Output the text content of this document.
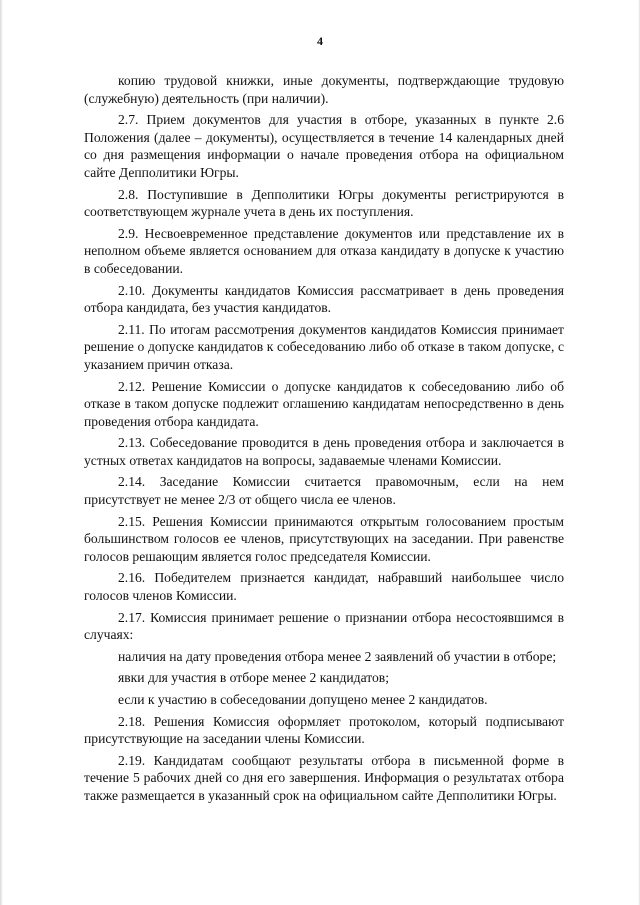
4

копию трудовой книжки, иные документы, подтверждающие трудовую (служебную) деятельность (при наличии).

2.7. Прием документов для участия в отборе, указанных в пункте 2.6 Положения (далее – документы), осуществляется в течение 14 календарных дней со дня размещения информации о начале проведения отбора на официальном сайте Депполитики Югры.

2.8. Поступившие в Депполитики Югры документы регистрируются в соответствующем журнале учета в день их поступления.

2.9. Несвоевременное представление документов или представление их в неполном объеме является основанием для отказа кандидату в допуске к участию в собеседовании.

2.10. Документы кандидатов Комиссия рассматривает в день проведения отбора кандидата, без участия кандидатов.

2.11. По итогам рассмотрения документов кандидатов Комиссия принимает решение о допуске кандидатов к собеседованию либо об отказе в таком допуске, с указанием причин отказа.

2.12. Решение Комиссии о допуске кандидатов к собеседованию либо об отказе в таком допуске подлежит оглашению кандидатам непосредственно в день проведения отбора кандидата.

2.13. Собеседование проводится в день проведения отбора и заключается в устных ответах кандидатов на вопросы, задаваемые членами Комиссии.

2.14. Заседание Комиссии считается правомочным, если на нем присутствует не менее 2/3 от общего числа ее членов.

2.15. Решения Комиссии принимаются открытым голосованием простым большинством голосов ее членов, присутствующих на заседании. При равенстве голосов решающим является голос председателя Комиссии.

2.16. Победителем признается кандидат, набравший наибольшее число голосов членов Комиссии.

2.17. Комиссия принимает решение о признании отбора несостоявшимся в случаях:

наличия на дату проведения отбора менее 2 заявлений об участии в отборе;

явки для участия в отборе менее 2 кандидатов;

если к участию в собеседовании допущено менее 2 кандидатов.

2.18. Решения Комиссия оформляет протоколом, который подписывают присутствующие на заседании члены Комиссии.

2.19. Кандидатам сообщают результаты отбора в письменной форме в течение 5 рабочих дней со дня его завершения. Информация о результатах отбора также размещается в указанный срок на официальном сайте Депполитики Югры.
